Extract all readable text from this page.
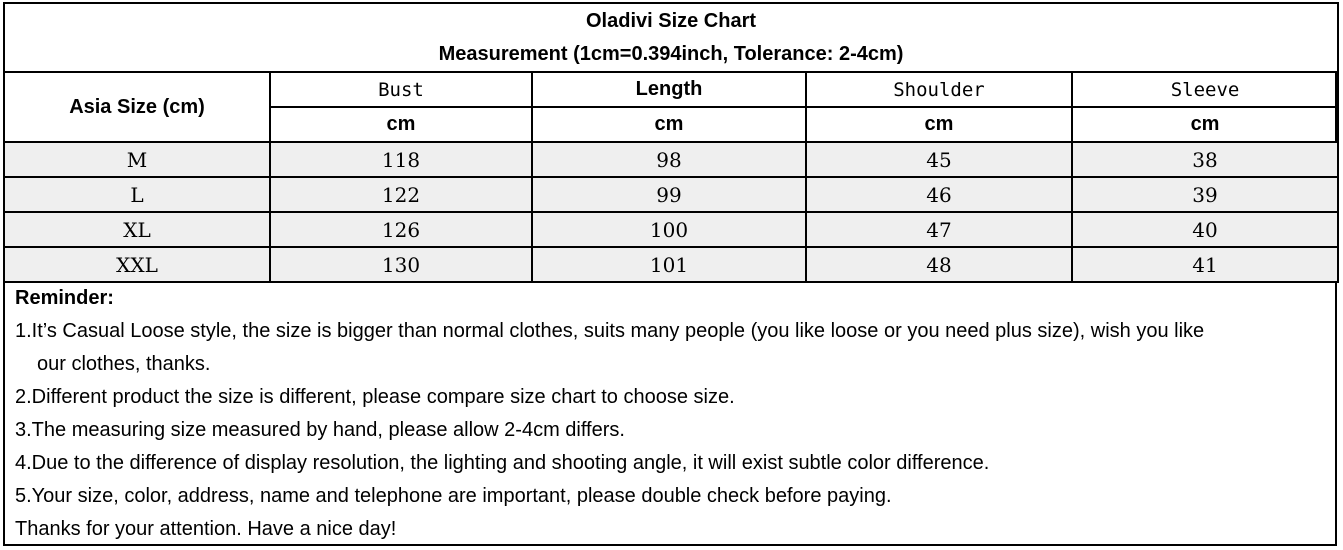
Oladivi Size Chart
Measurement (1cm=0.394inch, Tolerance: 2-4cm)				

Asia Size (cm)	Bust	Length	Shoulder	Sleeve
	cm	cm	cm	cm
M	118	98	45	38
L	122	99	46	39
XL	126	100	47	40
XXL	130	101	48	41
Reminder:
1.It’s Casual Loose style, the size is bigger than normal clothes, suits many people (you like loose or you need plus size), wish you like
our clothes, thanks.
2.Different product the size is different, please compare size chart to choose size.
3.The measuring size measured by hand, please allow 2-4cm differs.
4.Due to the difference of display resolution, the lighting and shooting angle, it will exist subtle color difference.
5.Your size, color, address, name and telephone are important, please double check before paying.
Thanks for your attention. Have a nice day!
